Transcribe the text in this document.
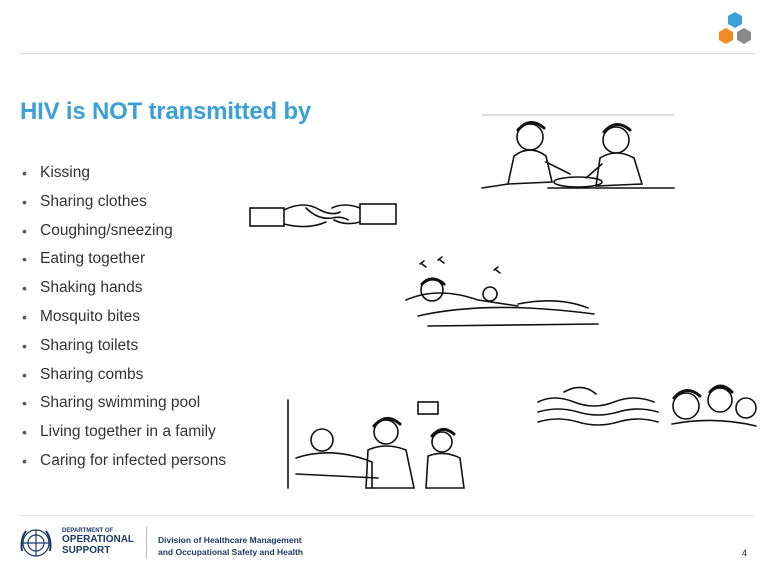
HIV is NOT transmitted by
• Kissing
• Sharing clothes
• Coughing/sneezing
• Eating together
• Shaking hands
• Mosquito bites
• Sharing toilets
• Sharing combs
• Sharing swimming pool
• Living together in a family
• Caring for infected persons
DEPARTMENT OF
OPERATIONAL
SUPPORT
Division of Healthcare Management
and Occupational Safety and Health	4
